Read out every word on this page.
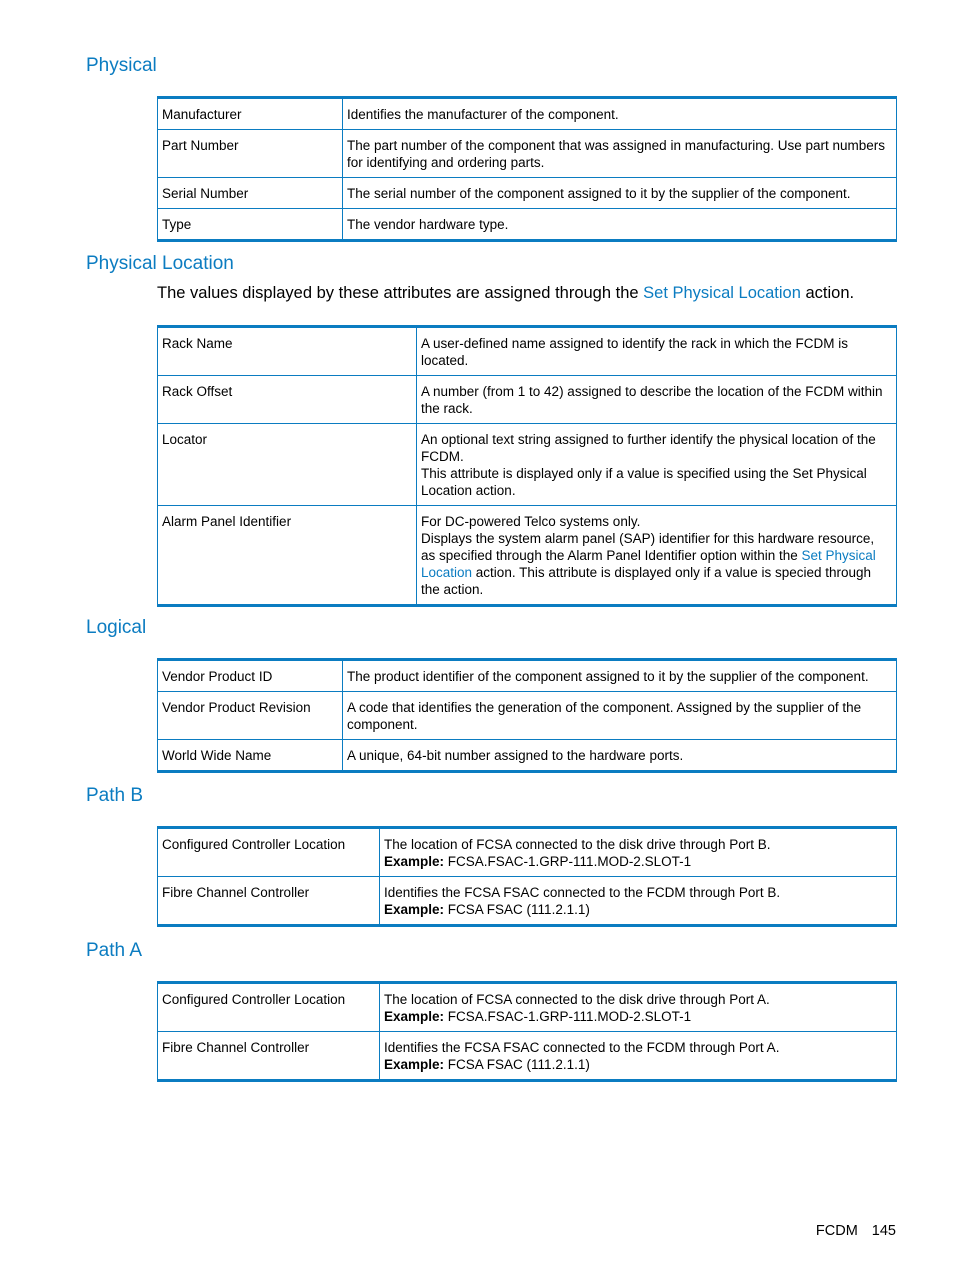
Physical
Manufacturer	Identifies the manufacturer of the component.
Part Number	The part number of the component that was assigned in manufacturing. Use part numbers for identifying and ordering parts.
Serial Number	The serial number of the component assigned to it by the supplier of the component.
Type	The vendor hardware type.
Physical Location

The values displayed by these attributes are assigned through the Set Physical Location action.

Rack Name	A user-defined name assigned to identify the rack in which the FCDM is located.
Rack Offset	A number (from 1 to 42) assigned to describe the location of the FCDM within the rack.
Locator	An optional text string assigned to further identify the physical location of the FCDM.
This attribute is displayed only if a value is specified using the Set Physical Location action.

Alarm Panel Identifier	For DC-powered Telco systems only.
Displays the system alarm panel (SAP) identifier for this hardware resource, as specified through the Alarm Panel Identifier option within the Set Physical Location action. This attribute is displayed only if a value is specied through the action.
Logical
Vendor Product ID	The product identifier of the component assigned to it by the supplier of the component.
Vendor Product Revision	A code that identifies the generation of the component. Assigned by the supplier of the component.
World Wide Name	A unique, 64-bit number assigned to the hardware ports.
Path B
Configured Controller Location	The location of FCSA connected to the disk drive through Port B.
Example: FCSA.FSAC-1.GRP-111.MOD-2.SLOT-1

Fibre Channel Controller	Identifies the FCSA FSAC connected to the FCDM through Port B.
Example: FCSA FSAC (111.2.1.1)
Path A
Configured Controller Location	The location of FCSA connected to the disk drive through Port A.
Example: FCSA.FSAC-1.GRP-111.MOD-2.SLOT-1

Fibre Channel Controller	Identifies the FCSA FSAC connected to the FCDM through Port A.
Example: FCSA FSAC (111.2.1.1)
FCDM 145
